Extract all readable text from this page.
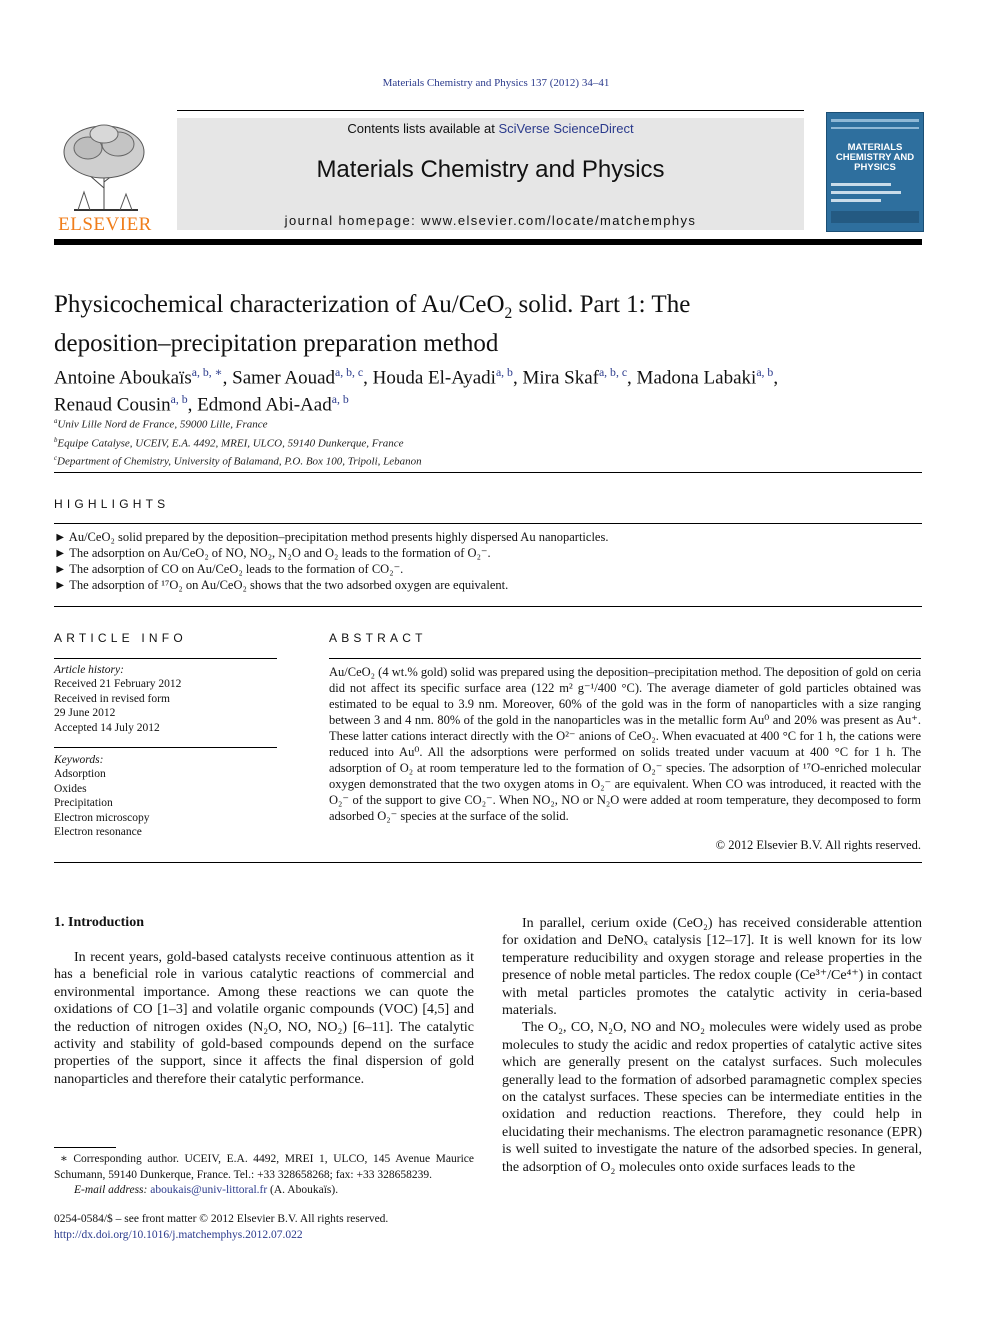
Materials Chemistry and Physics 137 (2012) 34–41
ELSEVIER
Contents lists available at SciVerse ScienceDirect
Materials Chemistry and Physics
journal homepage: www.elsevier.com/locate/matchemphys
MATERIALS CHEMISTRY AND PHYSICS
Physicochemical characterization of Au/CeO$_2$ solid. Part 1: The
deposition–precipitation preparation method
Antoine Aboukaïs$^{a, b, ∗}$, Samer Aouad$^{a, b, c}$, Houda El-Ayadi$^{a, b}$, Mira Skaf$^{a, b, c}$, Madona Labaki$^{a, b}$,
Renaud Cousin$^{a, b}$, Edmond Abi-Aad$^{a, b}$
$^a$Univ Lille Nord de France, 59000 Lille, France
$^b$Equipe Catalyse, UCEIV, E.A. 4492, MREI, ULCO, 59140 Dunkerque, France
$^c$Department of Chemistry, University of Balamand, P.O. Box 100, Tripoli, Lebanon
HIGHLIGHTS
► Au/CeO₂ solid prepared by the deposition–precipitation method presents highly dispersed Au nanoparticles.
► The adsorption on Au/CeO₂ of NO, NO₂, N₂O and O₂ leads to the formation of O₂⁻.
► The adsorption of CO on Au/CeO₂ leads to the formation of CO₂⁻.
► The adsorption of ¹⁷O₂ on Au/CeO₂ shows that the two adsorbed oxygen are equivalent.
ARTICLE INFO
Article history:
Received 21 February 2012
Received in revised form
29 June 2012
Accepted 14 July 2012
Keywords:
Adsorption
Oxides
Precipitation
Electron microscopy
Electron resonance
ABSTRACT
Au/CeO₂ (4 wt.% gold) solid was prepared using the deposition–precipitation method. The deposition of gold on ceria did not affect its specific surface area (122 m² g⁻¹/400 °C). The average diameter of gold particles obtained was estimated to be equal to 3.9 nm. Moreover, 60% of the gold was in the form of nanoparticles with a size ranging between 3 and 4 nm. 80% of the gold in the nanoparticles was in the metallic form Au⁰ and 20% was present as Au⁺. These latter cations interact directly with the O²⁻ anions of CeO₂. When evacuated at 400 °C for 1 h, the cations were reduced into Au⁰. All the adsorptions were performed on solids treated under vacuum at 400 °C for 1 h. The adsorption of O₂ at room temperature led to the formation of O₂⁻ species. The adsorption of ¹⁷O-enriched molecular oxygen demonstrated that the two oxygen atoms in O₂⁻ are equivalent. When CO was introduced, it reacted with the O₂⁻ of the support to give CO₂⁻. When NO₂, NO or N₂O were added at room temperature, they decomposed to form adsorbed O₂⁻ species at the surface of the solid.
© 2012 Elsevier B.V. All rights reserved.
1. Introduction

In recent years, gold-based catalysts receive continuous attention as it has a beneficial role in various catalytic reactions of commercial and environmental importance. Among these reactions we can quote the oxidations of CO [1–3] and volatile organic compounds (VOC) [4,5] and the reduction of nitrogen oxides (N₂O, NO, NO₂) [6–11]. The catalytic activity and stability of gold-based compounds depend on the surface properties of the support, since it affects the final dispersion of gold nanoparticles and therefore their catalytic performance.

In parallel, cerium oxide (CeO₂) has received considerable attention for oxidation and DeNOₓ catalysis [12–17]. It is well known for its low temperature reducibility and oxygen storage and release properties in the presence of noble metal particles. The redox couple (Ce³⁺/Ce⁴⁺) in contact with metal particles promotes the catalytic activity in ceria-based materials.

The O₂, CO, N₂O, NO and NO₂ molecules were widely used as probe molecules to study the acidic and redox properties of catalytic active sites which are generally present on the catalyst surfaces. Such molecules generally lead to the formation of adsorbed paramagnetic complex species on the catalyst surfaces. These species can be intermediate entities in the oxidation and reduction reactions. Therefore, they could help in elucidating their mechanisms. The electron paramagnetic resonance (EPR) is well suited to investigate the nature of the adsorbed species. In general, the adsorption of O₂ molecules onto oxide surfaces leads to the

∗ Corresponding author. UCEIV, E.A. 4492, MREI 1, ULCO, 145 Avenue Maurice Schumann, 59140 Dunkerque, France. Tel.: +33 328658268; fax: +33 328658239.
E-mail address: aboukais@univ-littoral.fr (A. Aboukaïs).
0254-0584/$ – see front matter © 2012 Elsevier B.V. All rights reserved.
http://dx.doi.org/10.1016/j.matchemphys.2012.07.022
